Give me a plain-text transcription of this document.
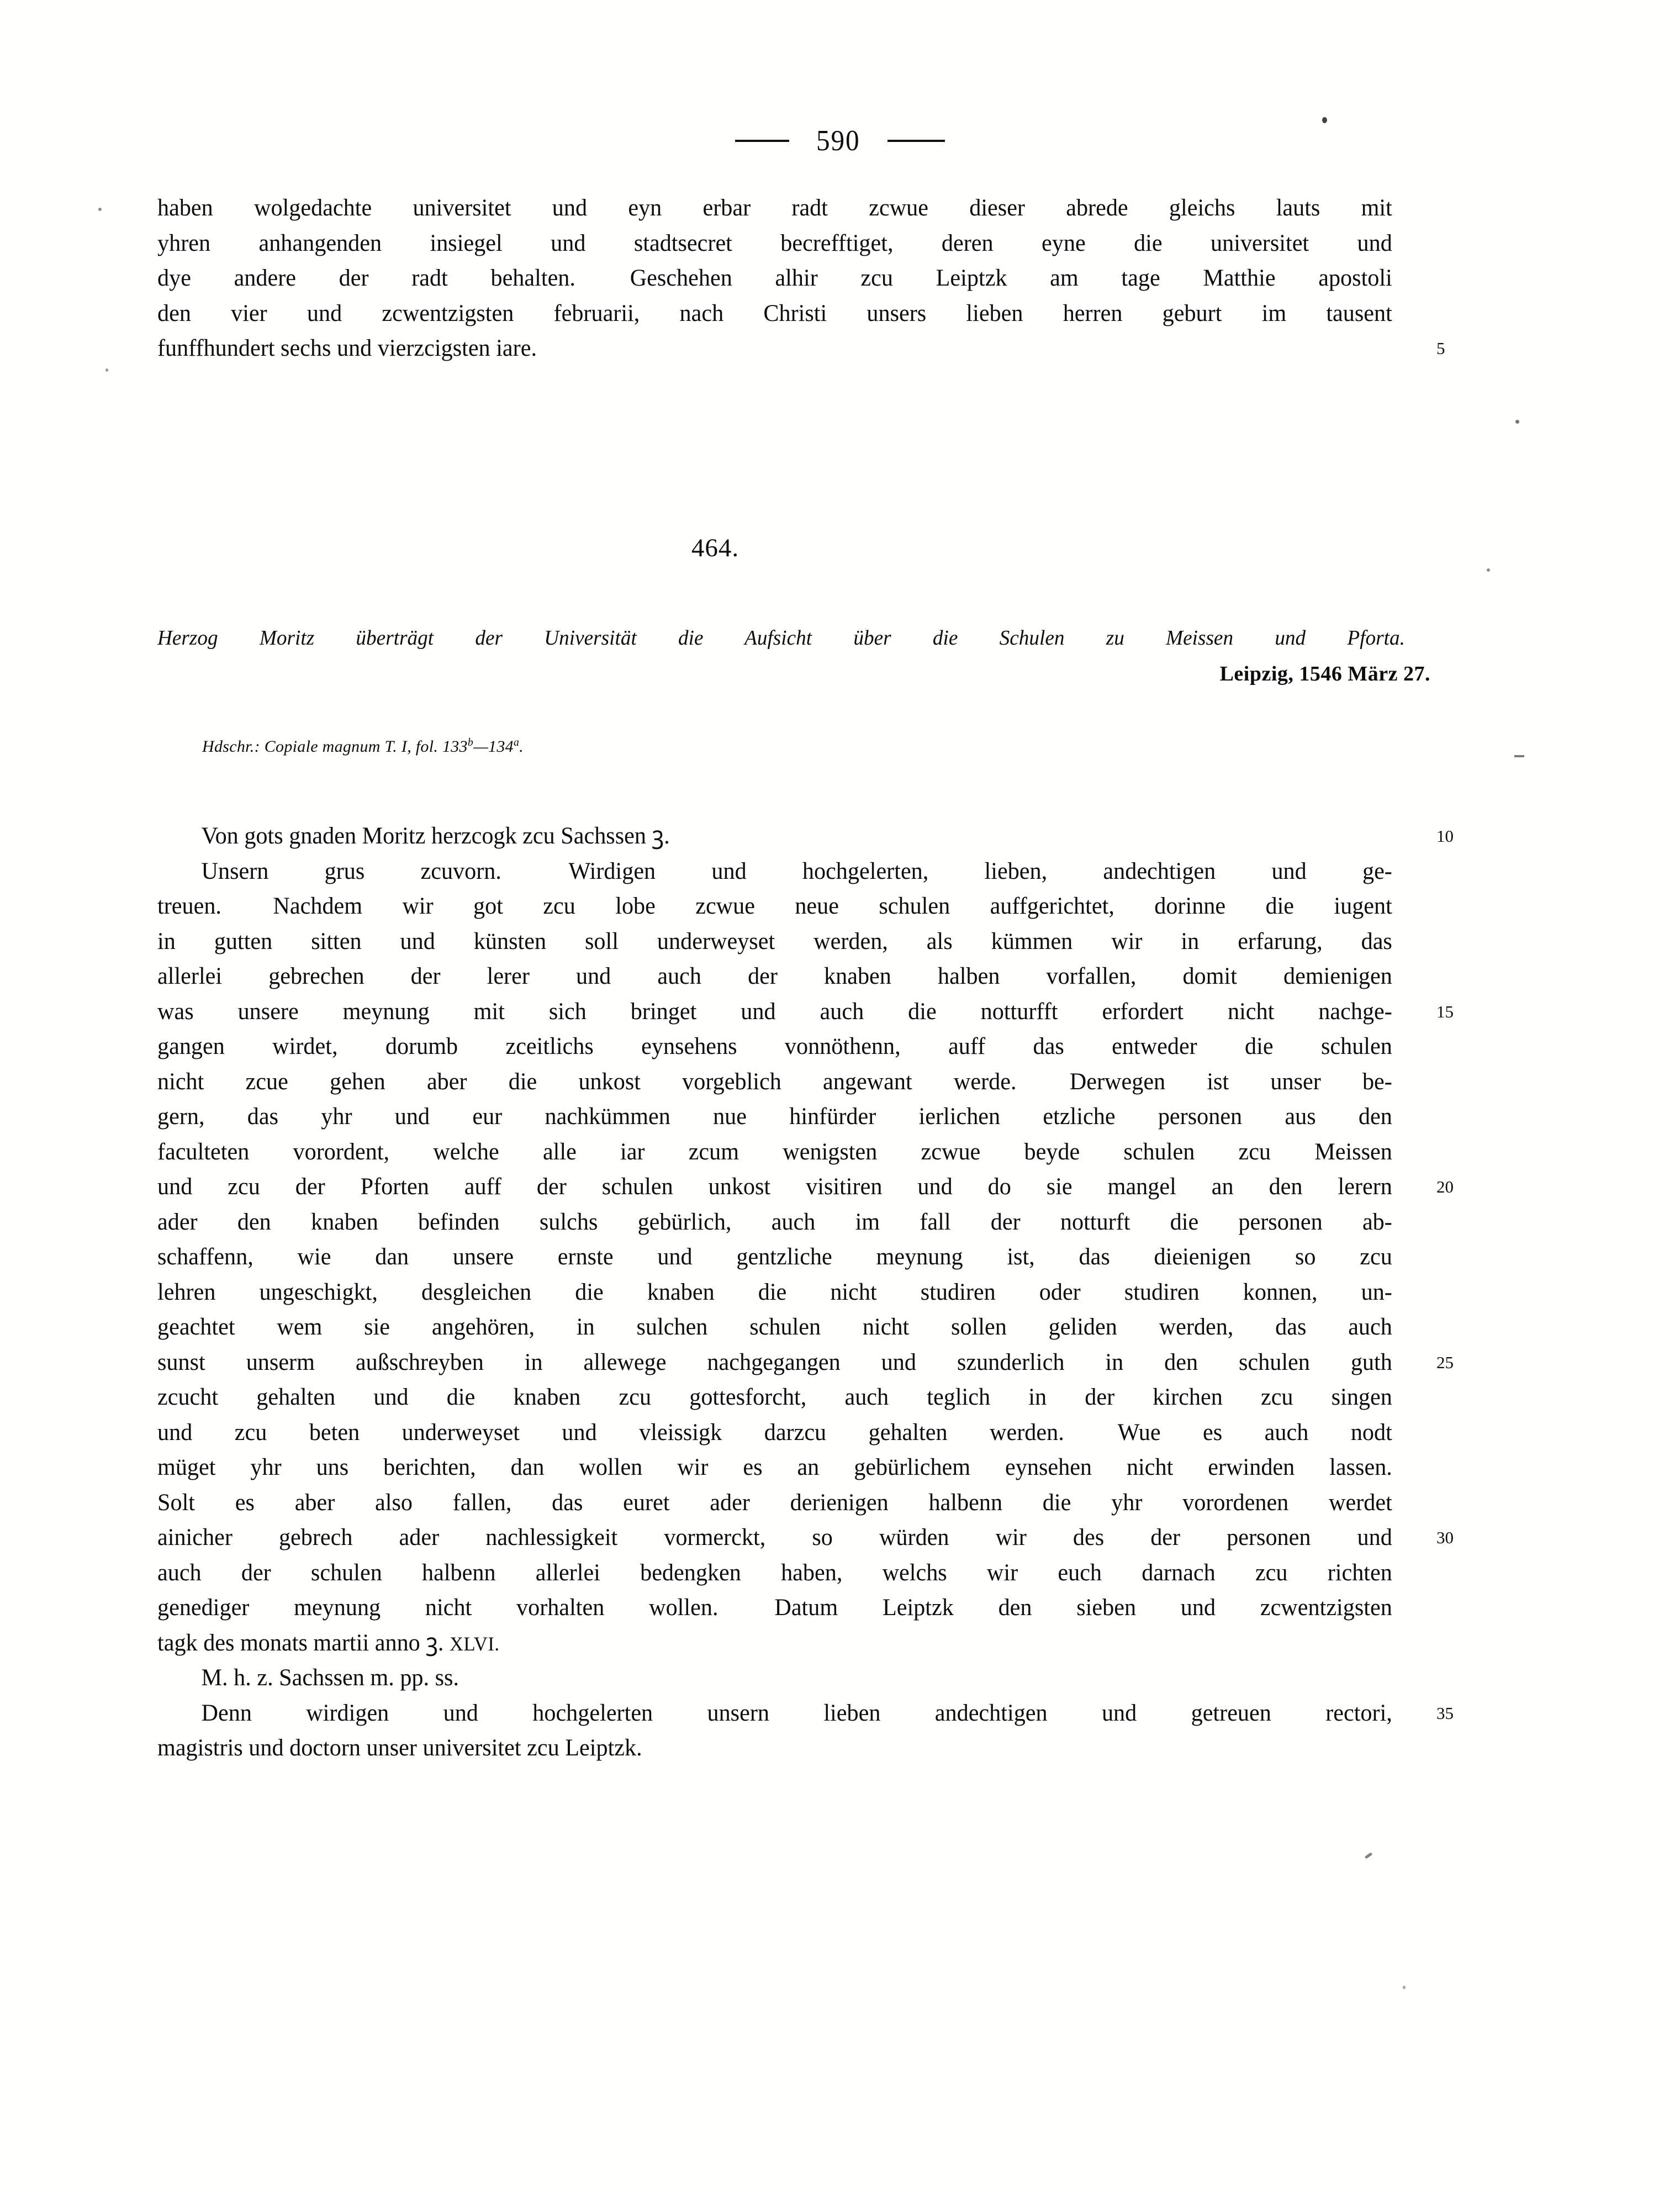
590
haben wolgedachte universitet und eyn erbar radt zcwue dieser abrede gleichs lauts mit
yhren anhangenden insiegel und stadtsecret becrefftiget, deren eyne die universitet und
dye andere der radt behalten.  Geschehen alhir zcu Leiptzk am tage Matthie apostoli
den vier und zcwentzigsten februarii, nach Christi unsers lieben herren geburt im tausent
funffhundert sechs und vierzcigsten iare.	5
464.
Herzog Moritz überträgt der Universität die Aufsicht über die Schulen zu Meissen und Pforta.
Leipzig, 1546 März 27.
Hdschr.: Copiale magnum T. I, fol. 133$^b$—134$^a$.
Von gots gnaden Moritz herzcogk zcu Sachssen ꝫ.
Unsern grus zcuvorn.  Wirdigen und hochgelerten, lieben, andechtigen und ge-
treuen.  Nachdem wir got zcu lobe zcwue neue schulen auffgerichtet, dorinne die iugent
in gutten sitten und künsten soll underweyset werden, als kümmen wir in erfarung, das
allerlei gebrechen der lerer und auch der knaben halben vorfallen, domit demienigen
was unsere meynung mit sich bringet und auch die notturfft erfordert nicht nachge-
gangen wirdet, dorumb zceitlichs eynsehens vonnöthenn, auff das entweder die schulen
nicht zcue gehen aber die unkost vorgeblich angewant werde.  Derwegen ist unser be-
gern, das yhr und eur nachkümmen nue hinfürder ierlichen etzliche personen aus den
faculteten vorordent, welche alle iar zcum wenigsten zcwue beyde schulen zcu Meissen
und zcu der Pforten auff der schulen unkost visitiren und do sie mangel an den lerern
ader den knaben befinden sulchs gebürlich, auch im fall der notturft die personen ab-
schaffenn, wie dan unsere ernste und gentzliche meynung ist, das dieienigen so zcu
lehren ungeschigkt, desgleichen die knaben die nicht studiren oder studiren konnen, un-
geachtet wem sie angehören, in sulchen schulen nicht sollen geliden werden, das auch
sunst unserm außschreyben in allewege nachgegangen und szunderlich in den schulen guth
zcucht gehalten und die knaben zcu gottesforcht, auch teglich in der kirchen zcu singen
und zcu beten underweyset und vleissigk darzcu gehalten werden.  Wue es auch nodt
müget yhr uns berichten, dan wollen wir es an gebürlichem eynsehen nicht erwinden lassen.
Solt es aber also fallen, das euret ader derienigen halbenn die yhr vorordenen werdet
ainicher gebrech ader nachlessigkeit vormerckt, so würden wir des der personen und
auch der schulen halbenn allerlei bedengken haben, welchs wir euch darnach zcu richten
genediger meynung nicht vorhalten wollen.  Datum Leiptzk den sieben und zcwentzigsten
tagk des monats martii anno ꝫ. XLVI.
M. h. z. Sachssen m. pp. ss.
Denn wirdigen und hochgelerten unsern lieben andechtigen und getreuen rectori,
magistris und doctorn unser universitet zcu Leiptzk.
10
15
20
25
30
35
